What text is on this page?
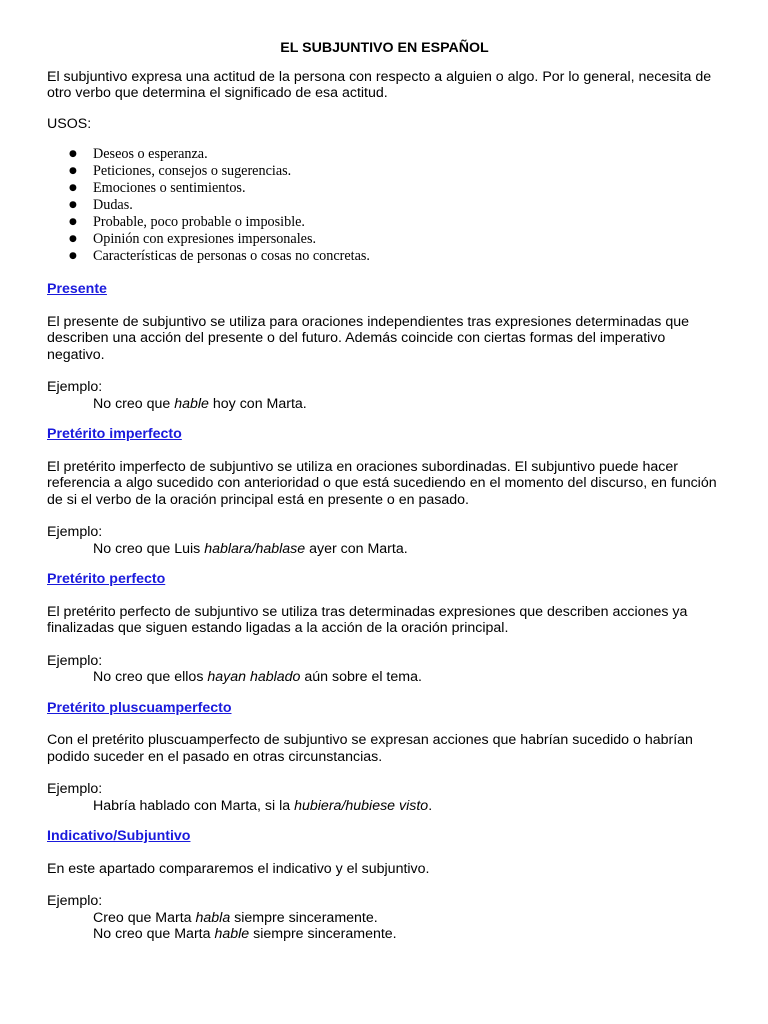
EL SUBJUNTIVO EN ESPAÑOL

El subjuntivo expresa una actitud de la persona con respecto a alguien o algo. Por lo general, necesita de otro verbo que determina el significado de esa actitud.

USOS:

● Deseos o esperanza.
● Peticiones, consejos o sugerencias.
● Emociones o sentimientos.
● Dudas.
● Probable, poco probable o imposible.
● Opinión con expresiones impersonales.
● Características de personas o cosas no concretas.
Presente

El presente de subjuntivo se utiliza para oraciones independientes tras expresiones determinadas que describen una acción del presente o del futuro. Además coincide con ciertas formas del imperativo negativo.

Ejemplo:

No creo que hable hoy con Marta.

Pretérito imperfecto

El pretérito imperfecto de subjuntivo se utiliza en oraciones subordinadas. El subjuntivo puede hacer referencia a algo sucedido con anterioridad o que está sucediendo en el momento del discurso, en función de si el verbo de la oración principal está en presente o en pasado.

Ejemplo:

No creo que Luis hablara/hablase ayer con Marta.

Pretérito perfecto

El pretérito perfecto de subjuntivo se utiliza tras determinadas expresiones que describen acciones ya finalizadas que siguen estando ligadas a la acción de la oración principal.

Ejemplo:

No creo que ellos hayan hablado aún sobre el tema.

Pretérito pluscuamperfecto

Con el pretérito pluscuamperfecto de subjuntivo se expresan acciones que habrían sucedido o habrían podido suceder en el pasado en otras circunstancias.

Ejemplo:

Habría hablado con Marta, si la hubiera/hubiese visto.

Indicativo/Subjuntivo

En este apartado compararemos el indicativo y el subjuntivo.

Ejemplo:

Creo que Marta habla siempre sinceramente.

No creo que Marta hable siempre sinceramente.
